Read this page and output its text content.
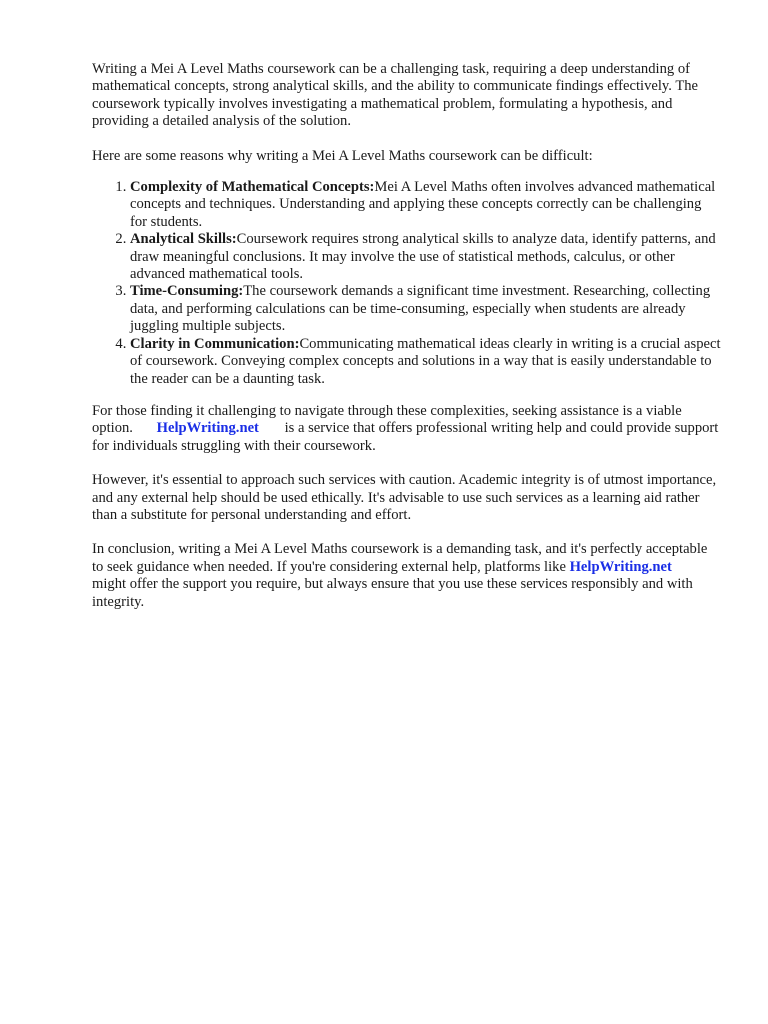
Writing a Mei A Level Maths coursework can be a challenging task, requiring a deep understanding of mathematical concepts, strong analytical skills, and the ability to communicate findings effectively. The coursework typically involves investigating a mathematical problem, formulating a hypothesis, and providing a detailed analysis of the solution.

Here are some reasons why writing a Mei A Level Maths coursework can be difficult:

1. Complexity of Mathematical Concepts:Mei A Level Maths often involves advanced mathematical concepts and techniques. Understanding and applying these concepts correctly can be challenging for students.
2. Analytical Skills:Coursework requires strong analytical skills to analyze data, identify patterns, and draw meaningful conclusions. It may involve the use of statistical methods, calculus, or other advanced mathematical tools.
3. Time-Consuming:The coursework demands a significant time investment. Researching, collecting data, and performing calculations can be time-consuming, especially when students are already juggling multiple subjects.
4. Clarity in Communication:Communicating mathematical ideas clearly in writing is a crucial aspect of coursework. Conveying complex concepts and solutions in a way that is easily understandable to the reader can be a daunting task.

For those finding it challenging to navigate through these complexities, seeking assistance is a viable option. HelpWriting.net is a service that offers professional writing help and could provide support for individuals struggling with their coursework.

However, it's essential to approach such services with caution. Academic integrity is of utmost importance, and any external help should be used ethically. It's advisable to use such services as a learning aid rather than a substitute for personal understanding and effort.

In conclusion, writing a Mei A Level Maths coursework is a demanding task, and it's perfectly acceptable to seek guidance when needed. If you're considering external help, platforms like HelpWriting.net might offer the support you require, but always ensure that you use these services responsibly and with integrity.
